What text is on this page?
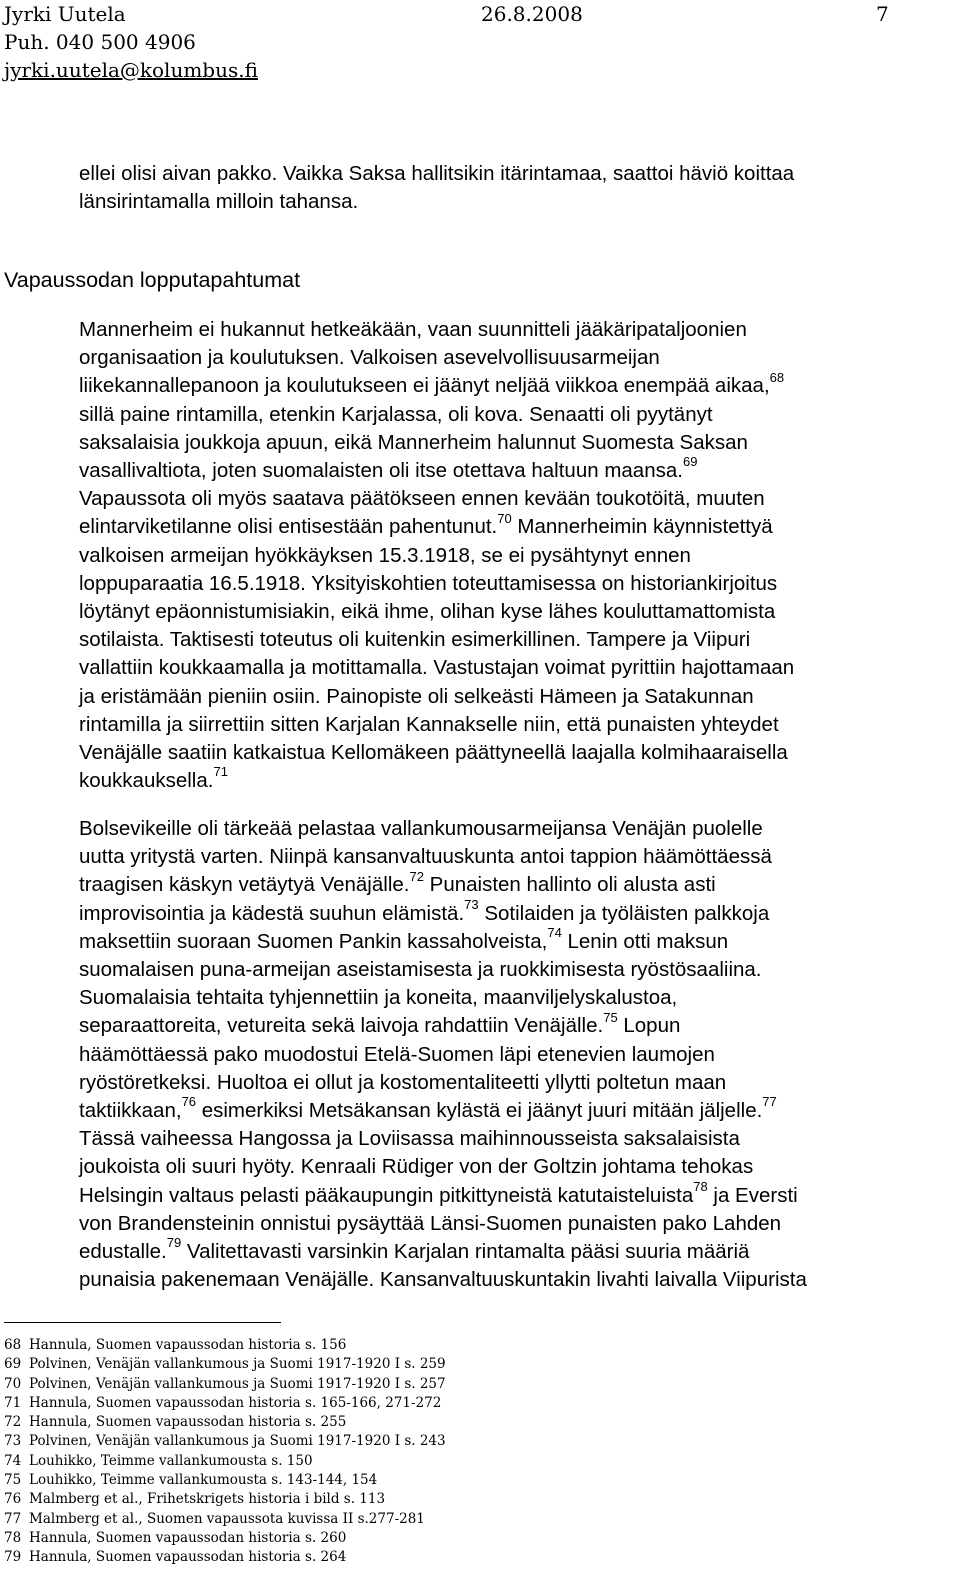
Jyrki Uutela	26.8.2008	7
Puh. 040 500 4906
jyrki.uutela@kolumbus.fi
ellei olisi aivan pakko. Vaikka Saksa hallitsikin itärintamaa, saattoi häviö koittaa
länsirintamalla milloin tahansa.
Vapaussodan lopputapahtumat
Mannerheim ei hukannut hetkeäkään, vaan suunnitteli jääkäripataljoonien
organisaation ja koulutuksen. Valkoisen asevelvollisuusarmeijan
liikekannallepanoon ja koulutukseen ei jäänyt neljää viikkoa enempää aikaa,$^{68}$
sillä paine rintamilla, etenkin Karjalassa, oli kova. Senaatti oli pyytänyt
saksalaisia joukkoja apuun, eikä Mannerheim halunnut Suomesta Saksan
vasallivaltiota, joten suomalaisten oli itse otettava haltuun maansa.$^{69}$
Vapaussota oli myös saatava päätökseen ennen kevään toukotöitä, muuten
elintarviketilanne olisi entisestään pahentunut.$^{70}$ Mannerheimin käynnistettyä
valkoisen armeijan hyökkäyksen 15.3.1918, se ei pysähtynyt ennen
loppuparaatia 16.5.1918. Yksityiskohtien toteuttamisessa on historiankirjoitus
löytänyt epäonnistumisiakin, eikä ihme, olihan kyse lähes kouluttamattomista
sotilaista. Taktisesti toteutus oli kuitenkin esimerkillinen. Tampere ja Viipuri
vallattiin koukkaamalla ja motittamalla. Vastustajan voimat pyrittiin hajottamaan
ja eristämään pieniin osiin. Painopiste oli selkeästi Hämeen ja Satakunnan
rintamilla ja siirrettiin sitten Karjalan Kannakselle niin, että punaisten yhteydet
Venäjälle saatiin katkaistua Kellomäkeen päättyneellä laajalla kolmihaaraisella
koukkauksella.$^{71}$
Bolsevikeille oli tärkeää pelastaa vallankumousarmeijansa Venäjän puolelle
uutta yritystä varten. Niinpä kansanvaltuuskunta antoi tappion häämöttäessä
traagisen käskyn vetäytyä Venäjälle.$^{72}$ Punaisten hallinto oli alusta asti
improvisointia ja kädestä suuhun elämistä.$^{73}$ Sotilaiden ja työläisten palkkoja
maksettiin suoraan Suomen Pankin kassaholveista,$^{74}$ Lenin otti maksun
suomalaisen puna-armeijan aseistamisesta ja ruokkimisesta ryöstösaaliina.
Suomalaisia tehtaita tyhjennettiin ja koneita, maanviljelyskalustoa,
separaattoreita, vetureita sekä laivoja rahdattiin Venäjälle.$^{75}$ Lopun
häämöttäessä pako muodostui Etelä-Suomen läpi etenevien laumojen
ryöstöretkeksi. Huoltoa ei ollut ja kostomentaliteetti yllytti poltetun maan
taktiikkaan,$^{76}$ esimerkiksi Metsäkansan kylästä ei jäänyt juuri mitään jäljelle.$^{77}$
Tässä vaiheessa Hangossa ja Loviisassa maihinnousseista saksalaisista
joukoista oli suuri hyöty. Kenraali Rüdiger von der Goltzin johtama tehokas
Helsingin valtaus pelasti pääkaupungin pitkittyneistä katutaisteluista$^{78}$ ja Eversti
von Brandensteinin onnistui pysäyttää Länsi-Suomen punaisten pako Lahden
edustalle.$^{79}$ Valitettavasti varsinkin Karjalan rintamalta pääsi suuria määriä
punaisia pakenemaan Venäjälle. Kansanvaltuuskuntakin livahti laivalla Viipurista
68 Hannula, Suomen vapaussodan historia s. 156
69 Polvinen, Venäjän vallankumous ja Suomi 1917-1920 I s. 259
70 Polvinen, Venäjän vallankumous ja Suomi 1917-1920 I s. 257
71 Hannula, Suomen vapaussodan historia s. 165-166, 271-272
72 Hannula, Suomen vapaussodan historia s. 255
73 Polvinen, Venäjän vallankumous ja Suomi 1917-1920 I s. 243
74 Louhikko, Teimme vallankumousta s. 150
75 Louhikko, Teimme vallankumousta s. 143-144, 154
76 Malmberg et al., Frihetskrigets historia i bild s. 113
77 Malmberg et al., Suomen vapaussota kuvissa II s.277-281
78 Hannula, Suomen vapaussodan historia s. 260
79 Hannula, Suomen vapaussodan historia s. 264
